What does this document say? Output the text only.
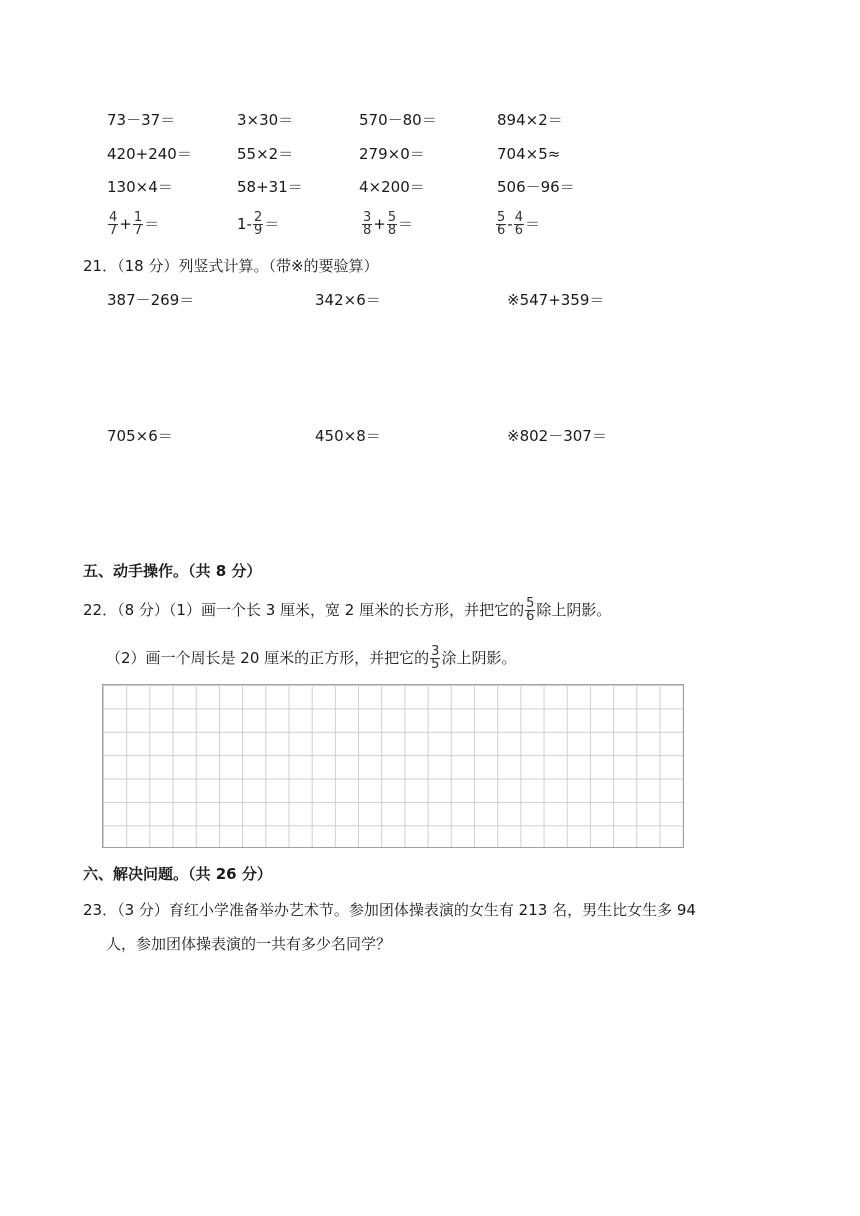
73－37＝	3×30＝	570－80＝	894×2＝
420+240＝	55×2＝	279×0＝	704×5≈
130×4＝	58+31＝	4×200＝	506－96＝
$\frac{4}{7} + \frac{1}{7}$ ＝	$1- \frac{2}{9}$ ＝	$\frac{3}{8} + \frac{5}{8}$ ＝	$\frac{5}{6} - \frac{4}{6}$ ＝
21．（18 分）列竖式计算。（带※的要验算）
387－269＝	342×6＝	※547+359＝
705×6＝	450×8＝	※802－307＝
五、动手操作。（共 8 分）
22．（8 分）（1）画一个长 3 厘米，宽 2 厘米的长方形，并把它的 $\frac{5}{6}$ 除上阴影。
（2）画一个周长是 20 厘米的正方形，并把它的 $\frac{3}{5}$ 涂上阴影。
六、解决问题。（共 26 分）
23．（3 分）育红小学准备举办艺术节。参加团体操表演的女生有 213 名，男生比女生多 94
人，参加团体操表演的一共有多少名同学？
